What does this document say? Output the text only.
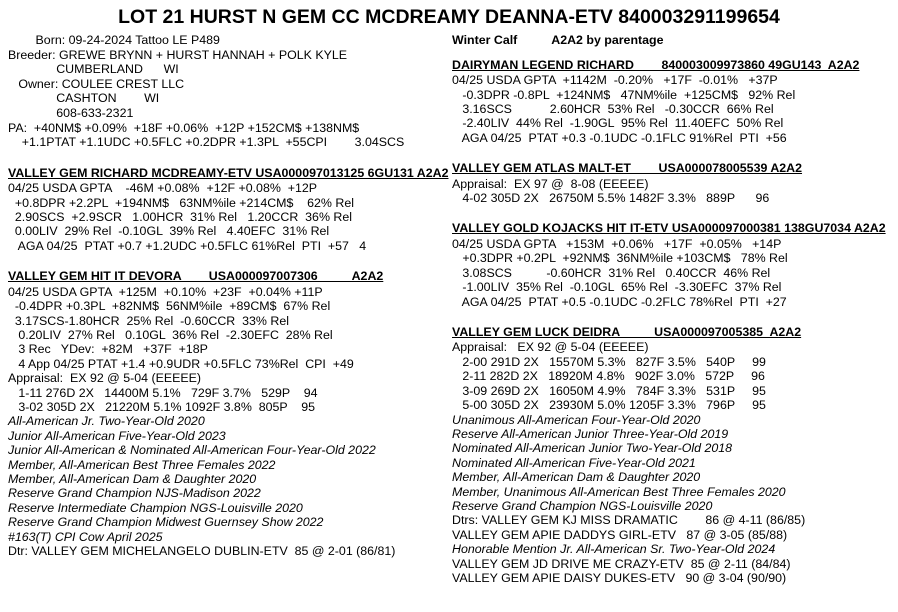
LOT 21 HURST N GEM CC MCDREAMY DEANNA-ETV 840003291199654
Born: 09-24-2024 Tattoo LE P489
Breeder: GREWE BRYNN + HURST HANNAH + POLK KYLE
CUMBERLAND      WI
Owner: COULEE CREST LLC
CASHTON        WI
608-633-2321
PA:  +40NM$ +0.09%  +18F +0.06%  +12P +152CM$ +138NM$
+1.1PTAT +1.1UDC +0.5FLC +0.2DPR +1.3PL  +55CPI        3.04SCS
VALLEY GEM RICHARD MCDREAMY-ETV USA000097013125 6GU131 A2A2
04/25 USDA GPTA    -46M +0.08%  +12F +0.08%  +12P
+0.8DPR +2.2PL  +194NM$   63NM%ile +214CM$    62% Rel
2.90SCS  +2.9SCR   1.00HCR  31% Rel   1.20CCR  36% Rel
0.00LIV  29% Rel  -0.10GL  39% Rel   4.40EFC  31% Rel
AGA 04/25  PTAT +0.7 +1.2UDC +0.5FLC 61%Rel  PTI  +57   4
VALLEY GEM HIT IT DEVORA        USA000097007306          A2A2
04/25 USDA GPTA  +125M  +0.10%  +23F  +0.04% +11P
-0.4DPR +0.3PL  +82NM$  56NM%ile  +89CM$  67% Rel
3.17SCS-1.80HCR  25% Rel  -0.60CCR  33% Rel
0.20LIV  27% Rel   0.10GL  36% Rel  -2.30EFC  28% Rel
3 Rec   YDev:  +82M   +37F  +18P
4 App 04/25 PTAT +1.4 +0.9UDR +0.5FLC 73%Rel  CPI  +49
Appraisal:  EX 92 @ 5-04 (EEEEE)
1-11 276D 2X   14400M 5.1%   729F 3.7%   529P    94
3-02 305D 2X   21220M 5.1% 1092F 3.8%  805P    95
All-American Jr. Two-Year-Old 2020
Junior All-American Five-Year-Old 2023
Junior All-American & Nominated All-American Four-Year-Old 2022
Member, All-American Best Three Females 2022
Member, All-American Dam & Daughter 2020
Reserve Grand Champion NJS-Madison 2022
Reserve Intermediate Champion NGS-Louisville 2020
Reserve Grand Champion Midwest Guernsey Show 2022
#163(T) CPI Cow April 2025
Dtr: VALLEY GEM MICHELANGELO DUBLIN-ETV  85 @ 2-01 (86/81)
Winter Calf          A2A2 by parentage
DAIRYMAN LEGEND RICHARD        840003009973860 49GU143  A2A2
04/25 USDA GPTA  +1142M  -0.20%   +17F  -0.01%   +37P
-0.3DPR -0.8PL  +124NM$   47NM%ile  +125CM$   92% Rel
3.16SCS           2.60HCR  53% Rel   -0.30CCR  66% Rel
-2.40LIV  44% Rel  -1.90GL  95% Rel  11.40EFC  50% Rel
AGA 04/25  PTAT +0.3 -0.1UDC -0.1FLC 91%Rel  PTI  +56
VALLEY GEM ATLAS MALT-ET        USA000078005539 A2A2
Appraisal:  EX 97 @  8-08 (EEEEE)
4-02 305D 2X   26750M 5.5% 1482F 3.3%   889P      96
VALLEY GOLD KOJACKS HIT IT-ETV USA000097000381 138GU7034 A2A2
04/25 USDA GPTA   +153M  +0.06%   +17F  +0.05%   +14P
+0.3DPR +0.2PL  +92NM$  36NM%ile +103CM$   78% Rel
3.08SCS          -0.60HCR  31% Rel   0.40CCR  46% Rel
-1.00LIV  35% Rel  -0.10GL  65% Rel  -3.30EFC  37% Rel
AGA 04/25  PTAT +0.5 -0.1UDC -0.2FLC 78%Rel  PTI  +27
VALLEY GEM LUCK DEIDRA          USA000097005385  A2A2
Appraisal:   EX 92 @ 5-04 (EEEEE)
2-00 291D 2X   15570M 5.3%   827F 3.5%   540P     99
2-11 282D 2X   18920M 4.8%   902F 3.0%   572P     96
3-09 269D 2X   16050M 4.9%   784F 3.3%   531P     95
5-00 305D 2X   23930M 5.0% 1205F 3.3%   796P     95
Unanimous All-American Four-Year-Old 2020
Reserve All-American Junior Three-Year-Old 2019
Nominated All-American Junior Two-Year-Old 2018
Nominated All-American Five-Year-Old 2021
Member, All-American Dam & Daughter 2020
Member, Unanimous All-American Best Three Females 2020
Reserve Grand Champion NGS-Louisville 2020
Dtrs: VALLEY GEM KJ MISS DRAMATIC        86 @ 4-11 (86/85)
VALLEY GEM APIE DADDYS GIRL-ETV   87 @ 3-05 (85/88)
Honorable Mention Jr. All-American Sr. Two-Year-Old 2024
VALLEY GEM JD DRIVE ME CRAZY-ETV  85 @ 2-11 (84/84)
VALLEY GEM APIE DAISY DUKES-ETV   90 @ 3-04 (90/90)
